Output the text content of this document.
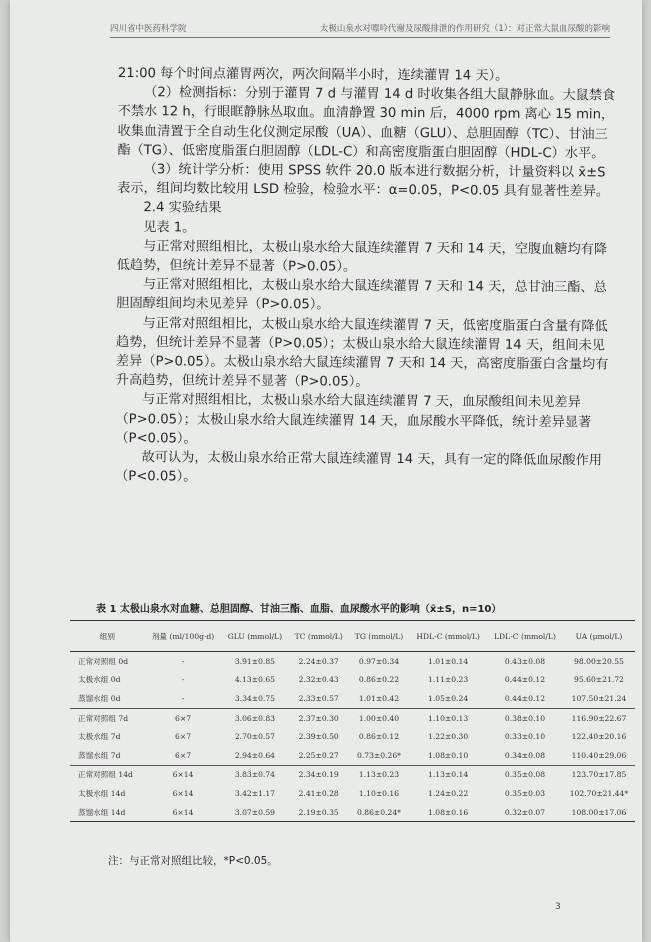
四川省中医药科学院	太极山泉水对嘌呤代谢及尿酸排泄的作用研究（1）：对正常大鼠血尿酸的影响

21:00 每个时间点灌胃两次，两次间隔半小时，连续灌胃 14 天）。

（2）检测指标：分别于灌胃 7 d 与灌胃 14 d 时收集各组大鼠静脉血。大鼠禁食不禁水 12 h，行眼眶静脉丛取血。血清静置 30 min 后，4000 rpm 离心 15 min，收集血清置于全自动生化仪测定尿酸（UA）、血糖（GLU）、总胆固醇（TC）、甘油三酯（TG）、低密度脂蛋白胆固醇（LDL-C）和高密度脂蛋白胆固醇（HDL-C）水平。

（3）统计学分析：使用 SPSS 软件 20.0 版本进行数据分析，计量资料以 x̄±S 表示，组间均数比较用 LSD 检验，检验水平：α=0.05，P<0.05 具有显著性差异。

2.4 实验结果

见表 1。

与正常对照组相比，太极山泉水给大鼠连续灌胃 7 天和 14 天，空腹血糖均有降低趋势，但统计差异不显著（P>0.05）。

与正常对照组相比，太极山泉水给大鼠连续灌胃 7 天和 14 天，总甘油三酯、总胆固醇组间均未见差异（P>0.05）。

与正常对照组相比，太极山泉水给大鼠连续灌胃 7 天，低密度脂蛋白含量有降低趋势，但统计差异不显著（P>0.05）；太极山泉水给大鼠连续灌胃 14 天，组间未见差异（P>0.05）。太极山泉水给大鼠连续灌胃 7 天和 14 天，高密度脂蛋白含量均有升高趋势，但统计差异不显著（P>0.05）。

与正常对照组相比，太极山泉水给大鼠连续灌胃 7 天，血尿酸组间未见差异（P>0.05）；太极山泉水给大鼠连续灌胃 14 天，血尿酸水平降低，统计差异显著（P<0.05）。

故可认为，太极山泉水给正常大鼠连续灌胃 14 天，具有一定的降低血尿酸作用（P<0.05）。

表 1 太极山泉水对血糖、总胆固醇、甘油三酯、血脂、血尿酸水平的影响（x̄±S，n=10）
组别	剂量 (ml/100g·d)	GLU (mmol/L)	TC (mmol/L)	TG (mmol/L)	HDL-C (mmol/L)	LDL-C (mmol/L)	UA (μmol/L)
正常对照组 0d	-	3.91±0.85	2.24±0.37	0.97±0.34	1.01±0.14	0.43±0.08	98.00±20.55
太极水组 0d	-	4.13±0.65	2.32±0.43	0.86±0.22	1.11±0.23	0.44±0.12	95.60±21.72
蒸馏水组 0d	-	3.34±0.75	2.33±0.57	1.01±0.42	1.05±0.24	0.44±0.12	107.50±21.24
正常对照组 7d	6×7	3.06±0.83	2.37±0.30	1.00±0.40	1.10±0.13	0.38±0.10	116.90±22.67
太极水组 7d	6×7	2.70±0.57	2.39±0.50	0.86±0.12	1.22±0.30	0.33±0.10	122.40±20.16
蒸馏水组 7d	6×7	2.94±0.64	2.25±0.27	0.73±0.26*	1.08±0.10	0.34±0.08	110.40±29.06
正常对照组 14d	6×14	3.83±0.74	2.34±0.19	1.13±0.23	1.13±0.14	0.35±0.08	123.70±17.85
太极水组 14d	6×14	3.42±1.17	2.41±0.28	1.10±0.16	1.24±0.22	0.35±0.03	102.70±21.44*
蒸馏水组 14d	6×14	3.07±0.59	2.19±0.35	0.86±0.24*	1.08±0.16	0.32±0.07	108.00±17.06
注：与正常对照组比较，*P<0.05。
3
